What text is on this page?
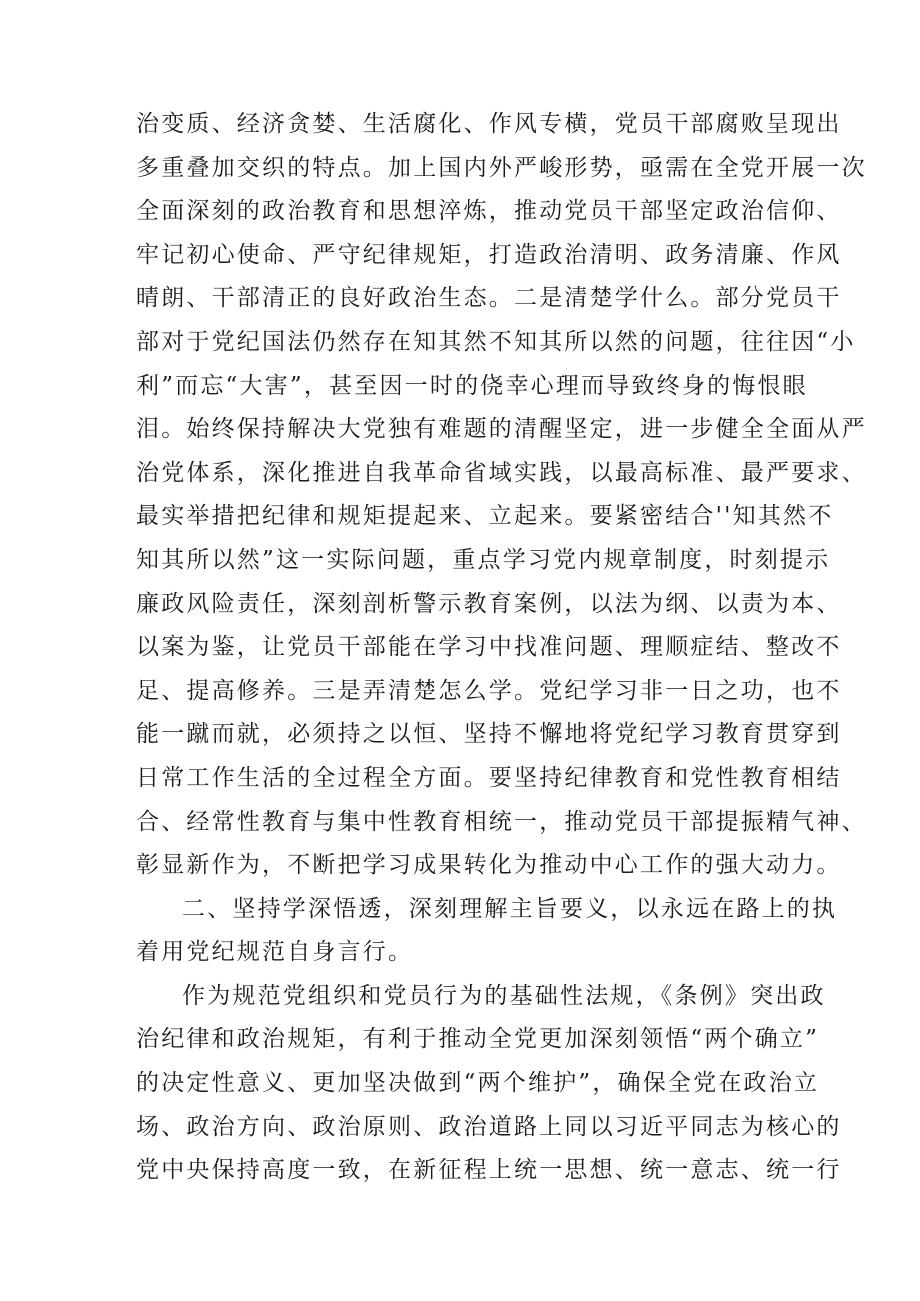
治变质、经济贪婪、生活腐化、作风专横，党员干部腐败呈现出
多重叠加交织的特点。加上国内外严峻形势，亟需在全党开展一次
全面深刻的政治教育和思想淬炼，推动党员干部坚定政治信仰、
牢记初心使命、严守纪律规矩，打造政治清明、政务清廉、作风
晴朗、干部清正的良好政治生态。二是清楚学什么。部分党员干
部对于党纪国法仍然存在知其然不知其所以然的问题，往往因“小
利”而忘“大害”，甚至因一时的侥幸心理而导致终身的悔恨眼
泪。始终保持解决大党独有难题的清醒坚定，进一步健全全面从严
治党体系，深化推进自我革命省域实践，以最高标准、最严要求、
最实举措把纪律和规矩提起来、立起来。要紧密结合''知其然不
知其所以然”这一实际问题，重点学习党内规章制度，时刻提示
廉政风险责任，深刻剖析警示教育案例，以法为纲、以责为本、
以案为鉴，让党员干部能在学习中找准问题、理顺症结、整改不
足、提高修养。三是弄清楚怎么学。党纪学习非一日之功，也不
能一蹴而就，必须持之以恒、坚持不懈地将党纪学习教育贯穿到
日常工作生活的全过程全方面。要坚持纪律教育和党性教育相结
合、经常性教育与集中性教育相统一，推动党员干部提振精气神、
彰显新作为，不断把学习成果转化为推动中心工作的强大动力。
二、坚持学深悟透，深刻理解主旨要义，以永远在路上的执
着用党纪规范自身言行。
作为规范党组织和党员行为的基础性法规，《条例》突出政
治纪律和政治规矩，有利于推动全党更加深刻领悟“两个确立”
的决定性意义、更加坚决做到“两个维护”，确保全党在政治立
场、政治方向、政治原则、政治道路上同以习近平同志为核心的
党中央保持高度一致，在新征程上统一思想、统一意志、统一行
